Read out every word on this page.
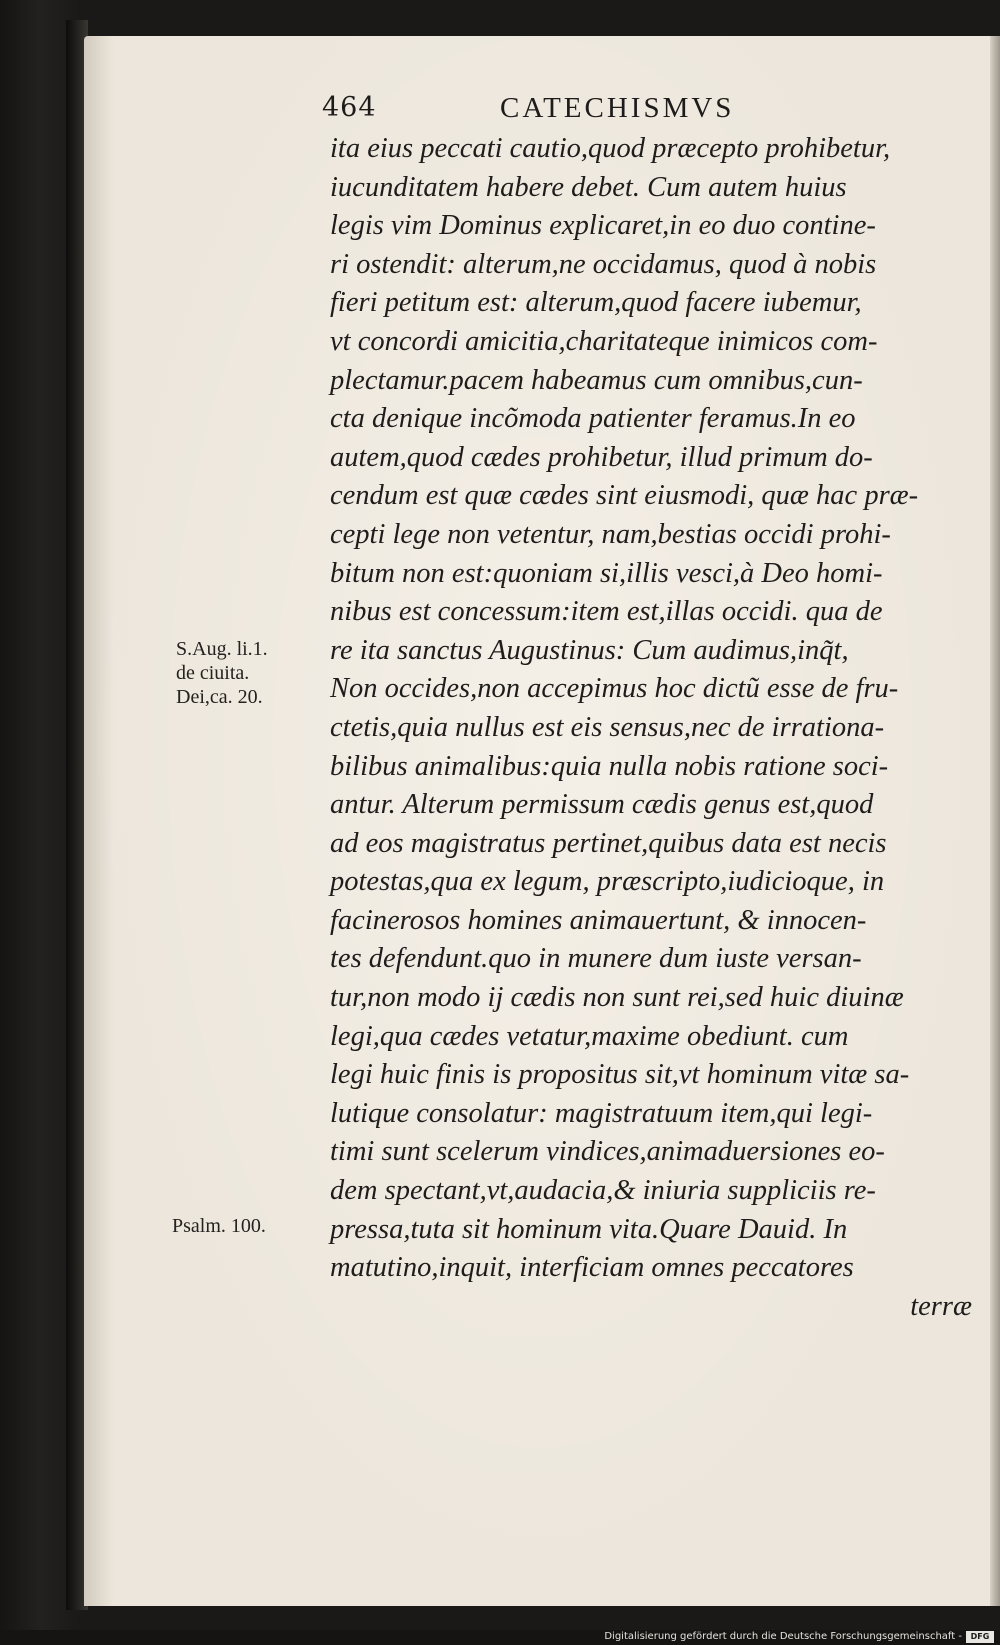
464	CATECHISMVS
S.Aug. li.1.
de ciuita.
Dei,ca. 20.
Psalm. 100.
ita eius peccati cautio,quod præcepto prohibetur,
iucunditatem habere debet. Cum autem huius
legis vim Dominus explicaret,in eo duo contine-
ri ostendit: alterum,ne occidamus, quod à nobis
fieri petitum est: alterum,quod facere iubemur,
vt concordi amicitia,charitateque inimicos com-
plectamur.pacem habeamus cum omnibus,cun-
cta denique incõmoda patienter feramus.In eo
autem,quod cædes prohibetur, illud primum do-
cendum est quæ cædes sint eiusmodi, quæ hac præ-
cepti lege non vetentur, nam,bestias occidi prohi-
bitum non est:quoniam si,illis vesci,à Deo homi-
nibus est concessum:item est,illas occidi. qua de
re ita sanctus Augustinus: Cum audimus,inq̃t,
Non occides,non accepimus hoc dictũ esse de fru-
ctetis,quia nullus est eis sensus,nec de irrationa-
bilibus animalibus:quia nulla nobis ratione soci-
antur. Alterum permissum cædis genus est,quod
ad eos magistratus pertinet,quibus data est necis
potestas,qua ex legum, præscripto,iudicioque, in
facinerosos homines animauertunt, & innocen-
tes defendunt.quo in munere dum iuste versan-
tur,non modo ij cædis non sunt rei,sed huic diuinæ
legi,qua cædes vetatur,maxime obediunt. cum
legi huic finis is propositus sit,vt hominum vitæ sa-
lutique consolatur: magistratuum item,qui legi-
timi sunt scelerum vindices,animaduersiones eo-
dem spectant,vt,audacia,& iniuria suppliciis re-
pressa,tuta sit hominum vita.Quare Dauid. In
matutino,inquit, interficiam omnes peccatores
terræ
Digitalisierung gefördert durch die Deutsche Forschungsgemeinschaft -	DFG
